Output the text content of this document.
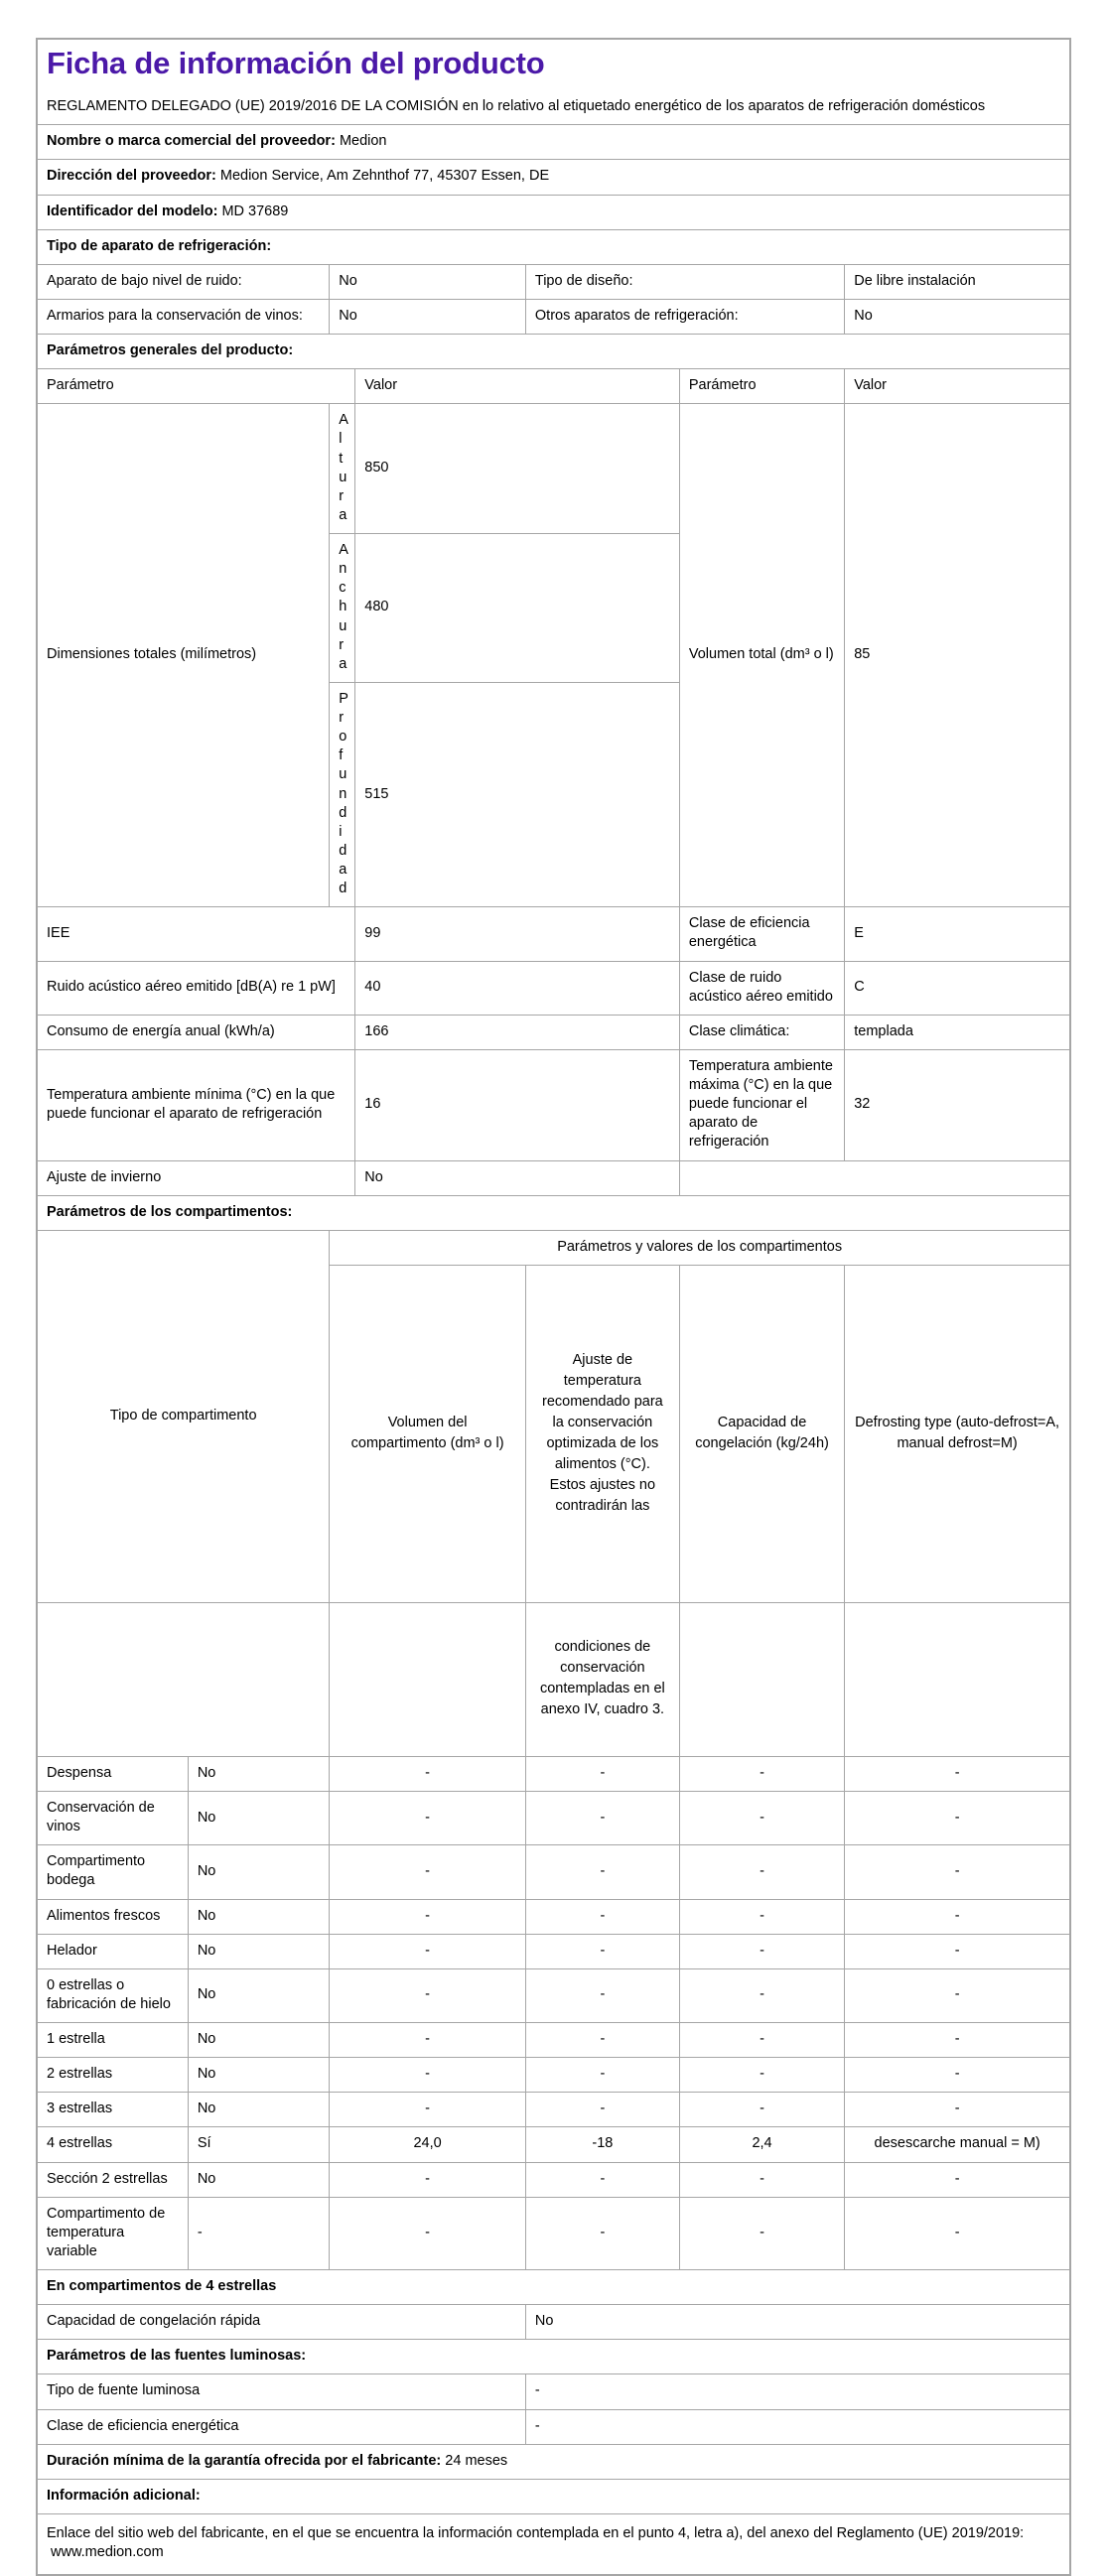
Ficha de información del producto

REGLAMENTO DELEGADO (UE) 2019/2016 DE LA COMISIÓN en lo relativo al etiquetado energético de los aparatos de refrigeración domésticos						

Nombre o marca comercial del proveedor: Medion						
Dirección del proveedor: Medion Service, Am Zehnthof 77, 45307 Essen, DE						
Identificador del modelo: MD 37689						
Tipo de aparato de refrigeración:						
Aparato de bajo nivel de ruido:		No		Tipo de diseño:		De libre instalación
Armarios para la conservación de vinos:		No		Otros aparatos de refrigeración:		No
Parámetros generales del producto:						
Parámetro			Valor		Parámetro	Valor
Dimensiones totales (milímetros)		Altura	850		Volumen total (dm³ o l)	85
		Anchura	480			
		Profundidad	515			
IEE			99		Clase de eficiencia energética	E
Ruido acústico aéreo emitido [dB(A) re 1 pW]			40		Clase de ruido acústico aéreo emitido	C
Consumo de energía anual (kWh/a)			166		Clase climática:	templada
Temperatura ambiente mínima (°C) en la que puede funcionar el aparato de refrigeración			16		Temperatura ambiente máxima (°C) en la que puede funcionar el aparato de refrigeración	32
Ajuste de invierno			No			
Parámetros de los compartimentos:						
Tipo de compartimento		Parámetros y valores de los compartimentos				
		Volumen del compartimento (dm³ o l)		Ajuste de temperatura recomendado para la conservación optimizada de los alimentos (°C). Estos ajustes no contradirán las	Capacidad de congelación (kg/24h)	Defrosting type (auto-defrost=A, manual defrost=M)
				condiciones de conservación contempladas en el anexo IV, cuadro 3.		
Despensa	No	-		-	-	-
Conservación de vinos	No	-		-	-	-
Compartimento bodega	No	-		-	-	-
Alimentos frescos	No	-		-	-	-
Helador	No	-		-	-	-
0 estrellas o fabricación de hielo	No	-		-	-	-
1 estrella	No	-		-	-	-
2 estrellas	No	-		-	-	-
3 estrellas	No	-		-	-	-
4 estrellas	Sí	24,0		-18	2,4	desescarche manual = M)
Sección 2 estrellas	No	-		-	-	-
Compartimento de temperatura variable	-	-		-	-	-
En compartimentos de 4 estrellas						
Capacidad de congelación rápida				No		
Parámetros de las fuentes luminosas:						
Tipo de fuente luminosa				-		
Clase de eficiencia energética				-		
Duración mínima de la garantía ofrecida por el fabricante: 24 meses						
Información adicional:						
Enlace del sitio web del fabricante, en el que se encuentra la información contemplada en el punto 4, letra a), del anexo del Reglamento (UE) 2019/2019:  www.medion.com						
